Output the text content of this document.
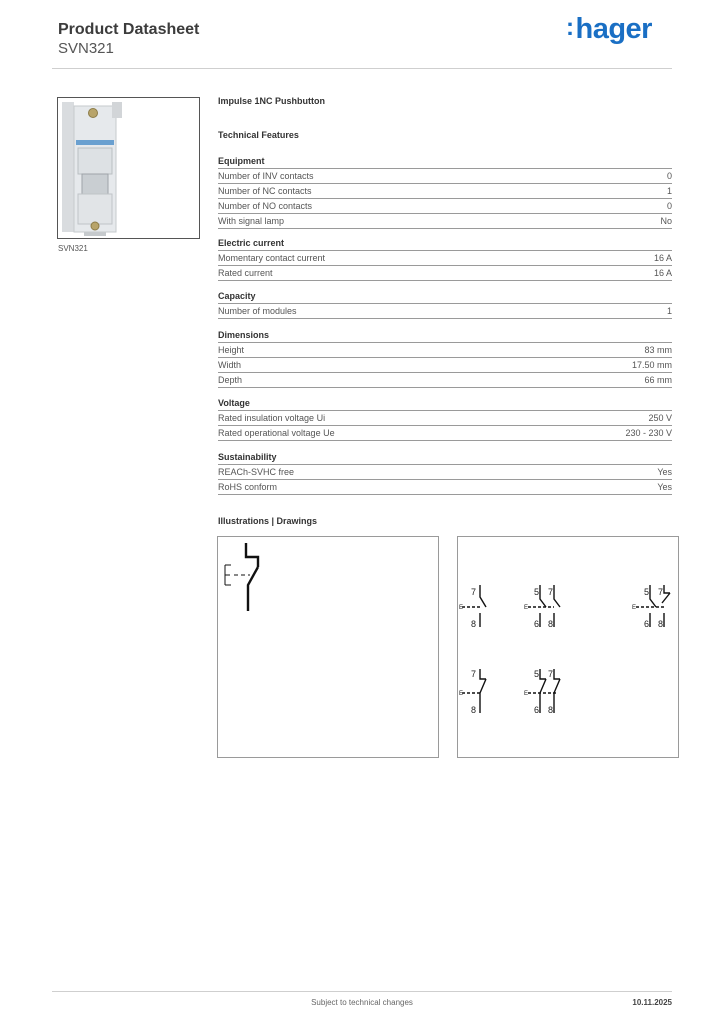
Product Datasheet
SVN321
:hager
SVN321
Impulse 1NC Pushbutton
Technical Features
Equipment
Number of INV contacts	0
Number of NC contacts	1
Number of NO contacts	0
With signal lamp	No
Electric current
Momentary contact current	16 A
Rated current	16 A
Capacity
Number of modules	1
Dimensions
Height	83 mm
Width	17.50 mm
Depth	66 mm
Voltage
Rated insulation voltage Ui	250 V
Rated operational voltage Ue	230 - 230 V
Sustainability
REACh-SVHC free	Yes
RoHS conform	Yes
Illustrations | Drawings
7
8
E
5 7
6 8
E
5 7
6 8
E
7
8
E
5 7
6 8
E
Subject to technical changes	10.11.2025
